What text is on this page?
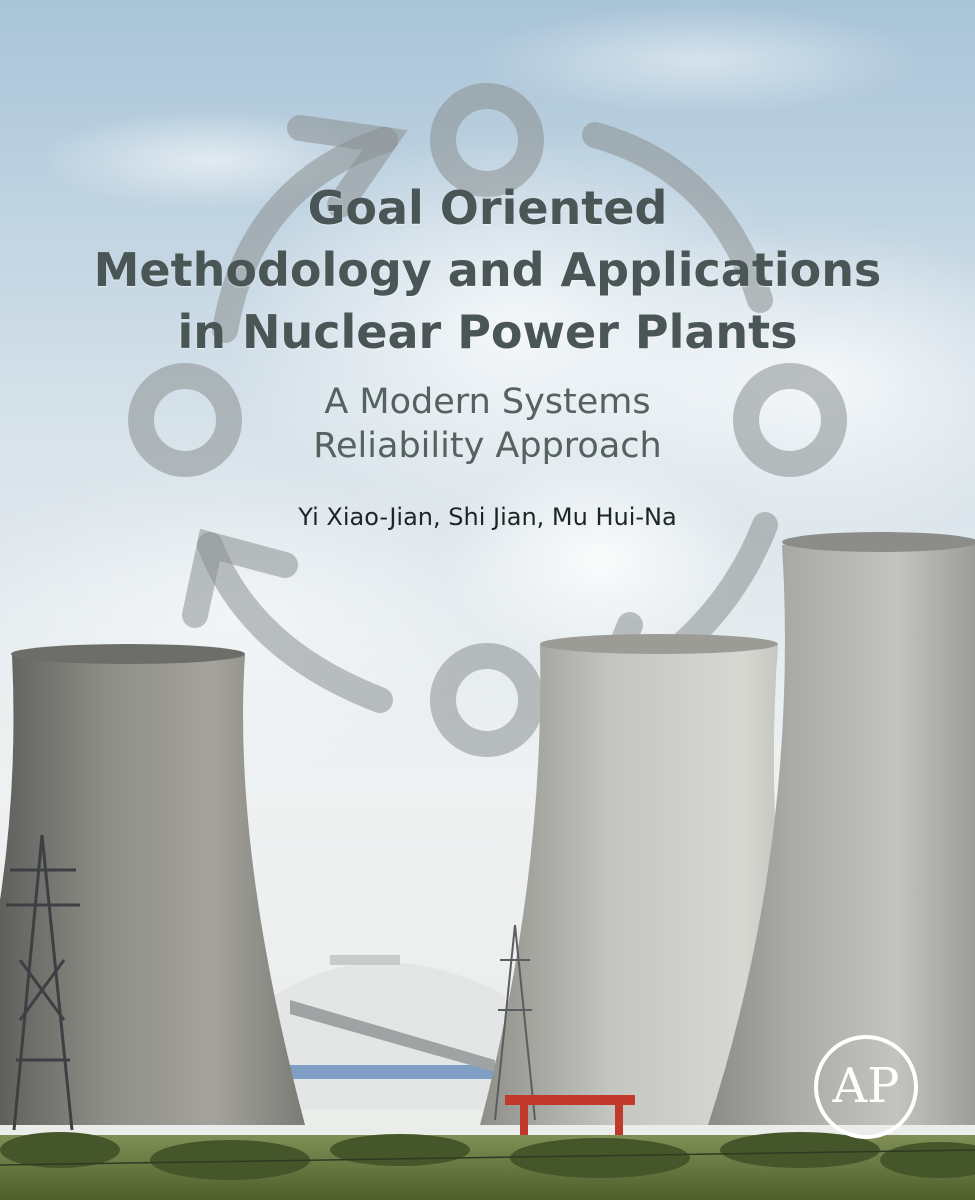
Goal Oriented
Methodology and Applications
in Nuclear Power Plants
A Modern Systems
Reliability Approach
Yi Xiao-Jian, Shi Jian, Mu Hui-Na
AP
